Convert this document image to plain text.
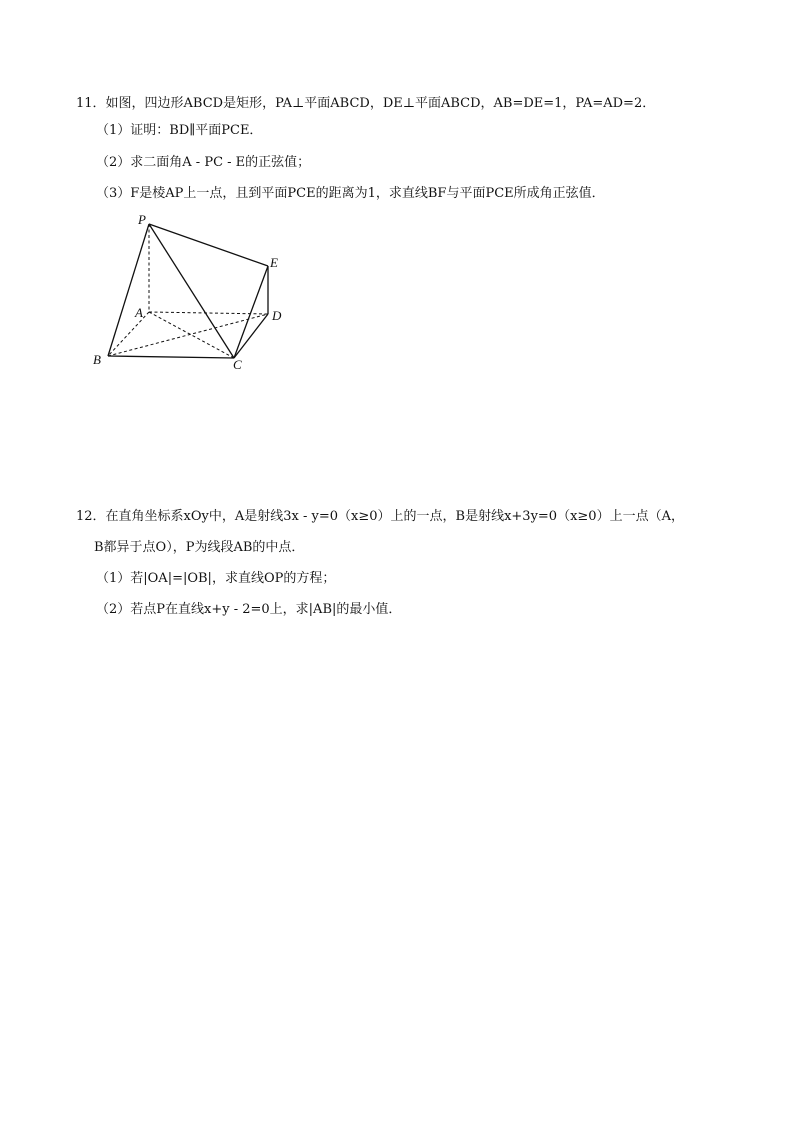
11．如图，四边形ABCD是矩形，PA⊥平面ABCD，DE⊥平面ABCD，AB=DE=1，PA=AD=2．
（1）证明：BD∥平面PCE．
（2）求二面角A - PC - E的正弦值；
（3）F是棱AP上一点，且到平面PCE的距离为1，求直线BF与平面PCE所成角正弦值．
P
E
A	D
B	C
12．在直角坐标系xOy中，A是射线3x - y=0（x≥0）上的一点，B是射线x+3y=0（x≥0）上一点（A，
B都异于点O），P为线段AB的中点．
（1）若|OA|=|OB|，求直线OP的方程；
（2）若点P在直线x+y - 2=0上，求|AB|的最小值．
